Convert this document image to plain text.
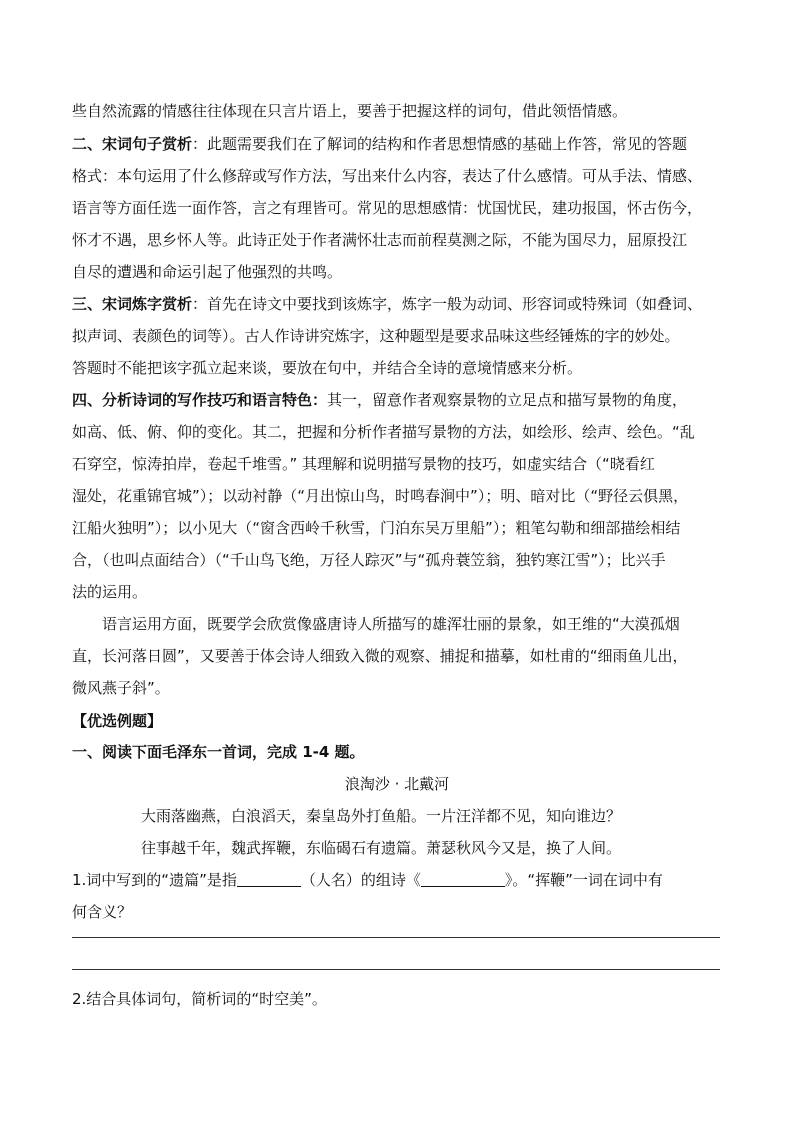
些自然流露的情感往往体现在只言片语上，要善于把握这样的词句，借此领悟情感。
二、宋词句子赏析：此题需要我们在了解词的结构和作者思想情感的基础上作答，常见的答题
格式：本句运用了什么修辞或写作方法，写出来什么内容，表达了什么感情。可从手法、情感、
语言等方面任选一面作答，言之有理皆可。常见的思想感情：忧国忧民，建功报国，怀古伤今，
怀才不遇，思乡怀人等。此诗正处于作者满怀壮志而前程莫测之际，不能为国尽力，屈原投江
自尽的遭遇和命运引起了他强烈的共鸣。
三、宋词炼字赏析：首先在诗文中要找到该炼字，炼字一般为动词、形容词或特殊词（如叠词、
拟声词、表颜色的词等）。古人作诗讲究炼字，这种题型是要求品味这些经锤炼的字的妙处。
答题时不能把该字孤立起来谈，要放在句中，并结合全诗的意境情感来分析。
四、分析诗词的写作技巧和语言特色：其一，留意作者观察景物的立足点和描写景物的角度，
如高、低、俯、仰的变化。其二，把握和分析作者描写景物的方法，如绘形、绘声、绘色。“乱
石穿空，惊涛拍岸，卷起千堆雪。” 其理解和说明描写景物的技巧，如虚实结合（“晓看红
湿处，花重锦官城”）；以动衬静（“月出惊山鸟，时鸣春涧中”）；明、暗对比（“野径云俱黑，
江船火独明”）；以小见大（“窗含西岭千秋雪，门泊东吴万里船”）；粗笔勾勒和细部描绘相结
合，（也叫点面结合）（“千山鸟飞绝，万径人踪灭”与“孤舟蓑笠翁，独钓寒江雪”）；比兴手
法的运用。
语言运用方面，既要学会欣赏像盛唐诗人所描写的雄浑壮丽的景象，如王维的“大漠孤烟
直，长河落日圆”，又要善于体会诗人细致入微的观察、捕捉和描摹，如杜甫的“细雨鱼儿出，
微风燕子斜”。
【优选例题】
一、阅读下面毛泽东一首词，完成 1-4 题。
浪淘沙 · 北戴河
大雨落幽燕，白浪滔天，秦皇岛外打鱼船。一片汪洋都不见，知向谁边？
往事越千年，魏武挥鞭，东临碣石有遗篇。萧瑟秋风今又是，换了人间。
1.词中写到的“遗篇”是指	（人名）的组诗《	》。“挥鞭”一词在词中有
何含义？
2.结合具体词句，简析词的“时空美”。
